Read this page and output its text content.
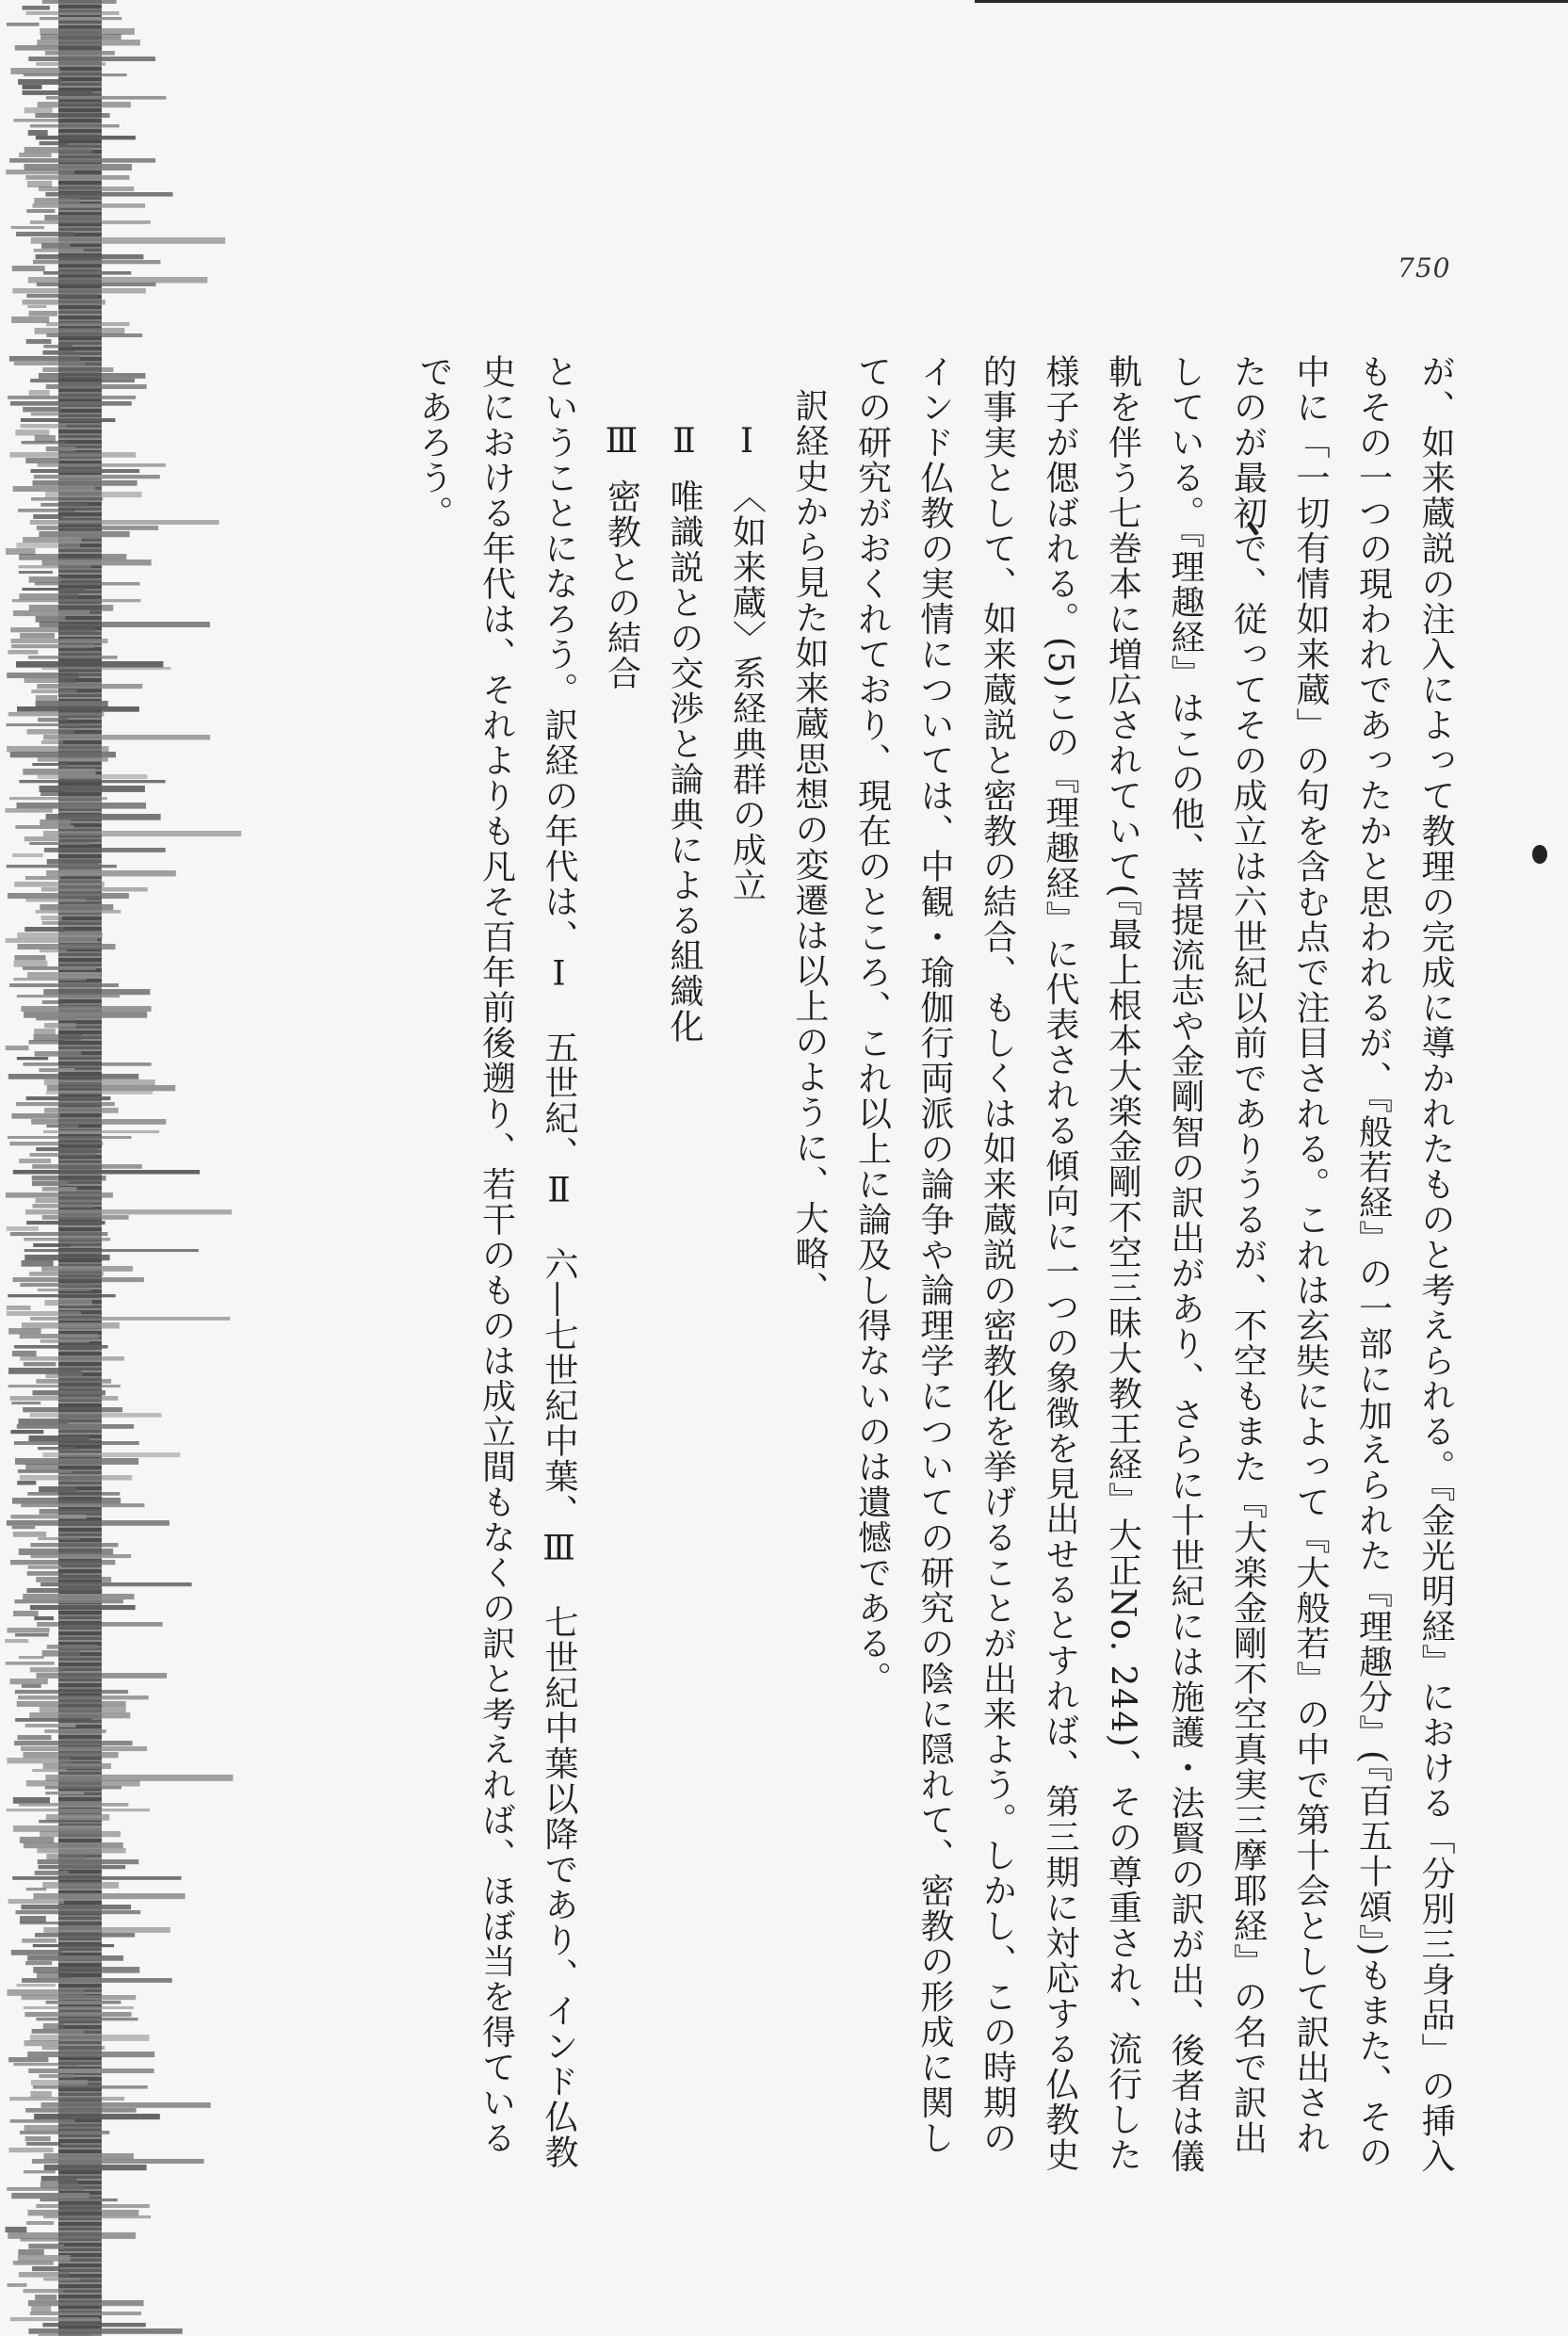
750

が、如来蔵説の注入によって教理の完成に導かれたものと考えられる。『金光明経』における「分別三身品」の挿入もその一つの現われであったかと思われるが、『般若経』の一部に加えられた『理趣分』(『百五十頌』)もまた、その中に「一切有情如来蔵」の句を含む点で注目される。これは玄奘によって『大般若』の中で第十会として訳出されたのが最初で、従ってその成立は六世紀以前でありうるが、不空もまた『大楽金剛不空真実三摩耶経』の名で訳出している。『理趣経』はこの他、菩提流志や金剛智の訳出があり、さらに十世紀には施護・法賢の訳が出、後者は儀軌を伴う七巻本に増広されていて(『最上根本大楽金剛不空三昧大教王経』大正No. 244)、その尊重され、流行した様子が偲ばれる。(5)この『理趣経』に代表される傾向に一つの象徴を見出せるとすれば、第三期に対応する仏教史的事実として、如来蔵説と密教の結合、もしくは如来蔵説の密教化を挙げることが出来よう。しかし、この時期のインド仏教の実情については、中観・瑜伽行両派の論争や論理学についての研究の陰に隠れて、密教の形成に関しての研究がおくれており、現在のところ、これ以上に論及し得ないのは遺憾である。

訳経史から見た如来蔵思想の変遷は以上のように、大略、

Ⅰ〈如来蔵〉系経典群の成立

Ⅱ唯識説との交渉と論典による組織化

Ⅲ密教との結合

ということになろう。訳経の年代は、Ⅰ　五世紀、Ⅱ　六―七世紀中葉、Ⅲ　七世紀中葉以降であり、インド仏教史における年代は、それよりも凡そ百年前後遡り、若干のものは成立間もなくの訳と考えれば、ほぼ当を得ているであろう。
